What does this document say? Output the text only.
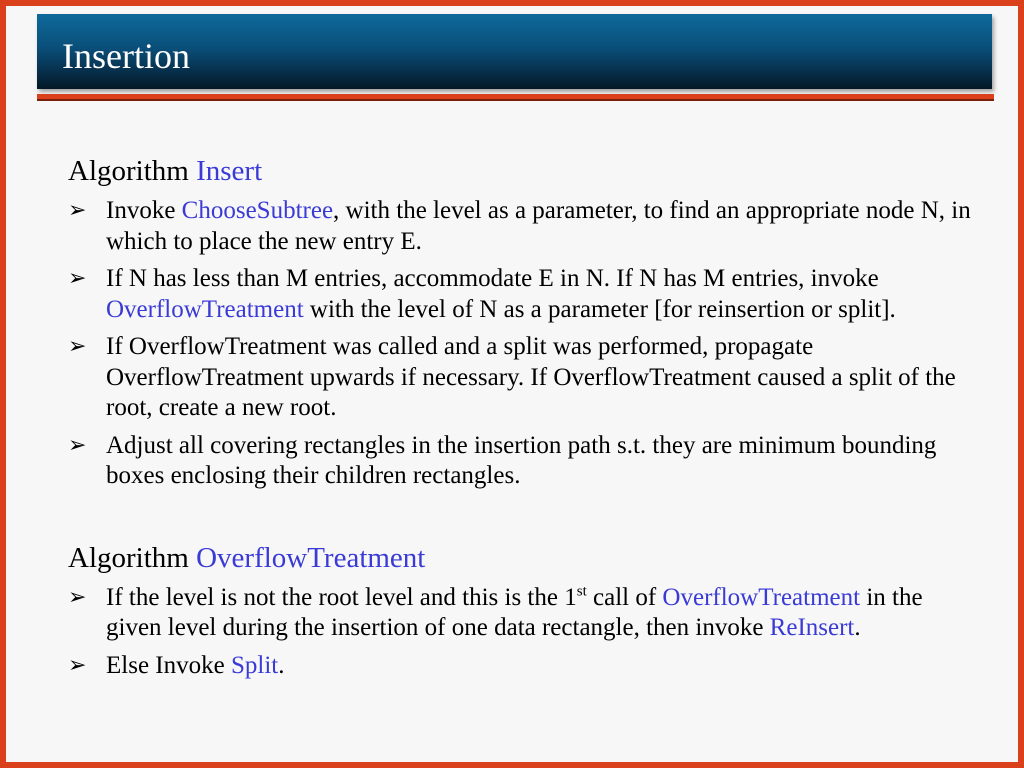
Insertion
Algorithm Insert
➢ Invoke ChooseSubtree, with the level as a parameter, to find an appropriate node N, in which to place the new entry E.
➢ If N has less than M entries, accommodate E in N. If N has M entries, invoke OverflowTreatment with the level of N as a parameter [for reinsertion or split].
➢ If OverflowTreatment was called and a split was performed, propagate OverflowTreatment upwards if necessary. If OverflowTreatment caused a split of the root, create a new root.
➢ Adjust all covering rectangles in the insertion path s.t. they are minimum bounding boxes enclosing their children rectangles.
Algorithm OverflowTreatment
➢ If the level is not the root level and this is the 1st call of OverflowTreatment in the given level during the insertion of one data rectangle, then invoke ReInsert.
➢ Else Invoke Split.
